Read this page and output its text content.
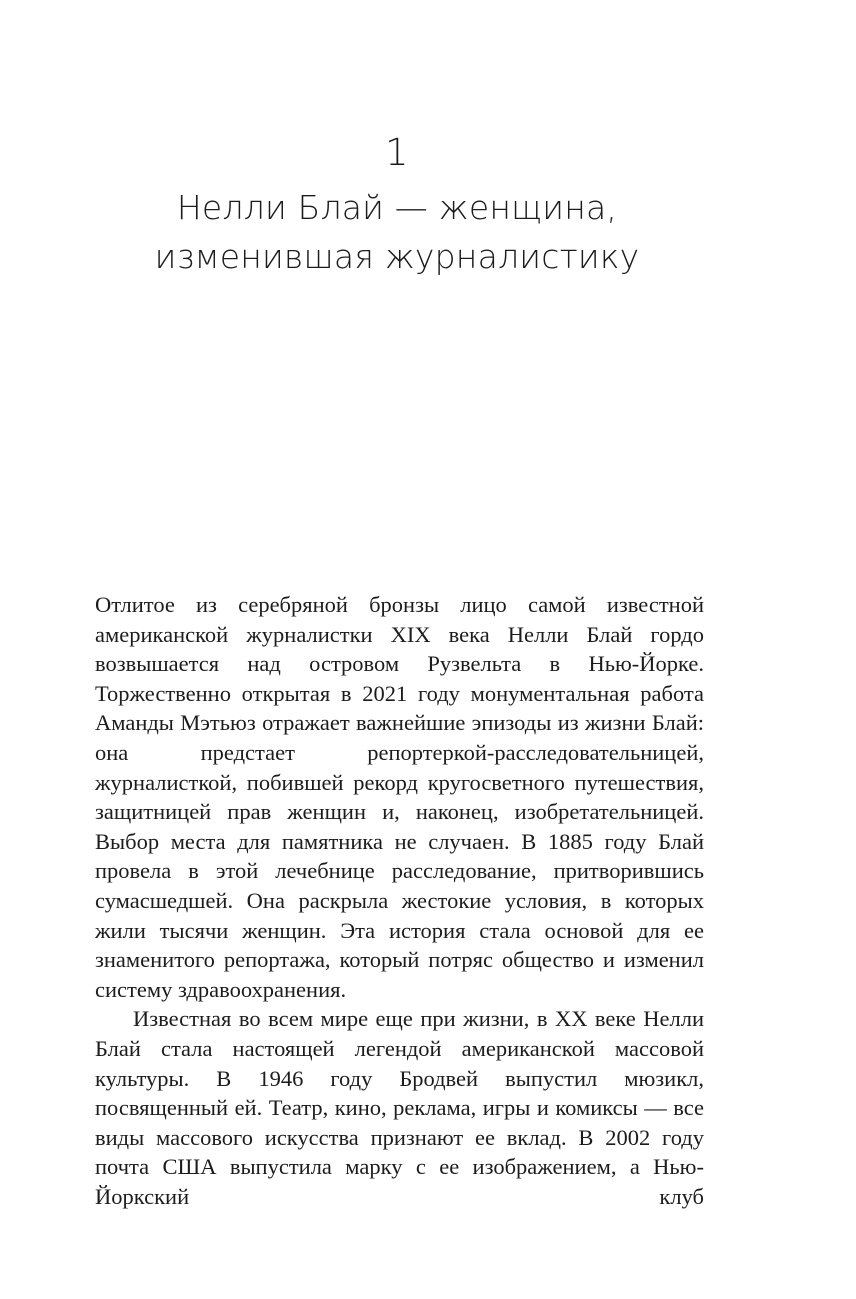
1
Нелли Блай — женщина,
изменившая журналистику

Отлитое из серебряной бронзы лицо самой известной американской журналистки XIX века Нелли Блай гордо возвышается над островом Рузвельта в Нью-Йорке. Торжественно открытая в 2021 году монументальная работа Аманды Мэтьюз отражает важнейшие эпизоды из жизни Блай: она предстает репортеркой-расследовательницей, журналисткой, побившей рекорд кругосветного путешествия, защитницей прав женщин и, наконец, изобретательницей. Выбор места для памятника не случаен. В 1885 году Блай провела в этой лечебнице расследование, притворившись сумасшедшей. Она раскрыла жестокие условия, в которых жили тысячи женщин. Эта история стала основой для ее знаменитого репортажа, который потряс общество и изменил систему здравоохранения.

Известная во всем мире еще при жизни, в XX веке Нелли Блай стала настоящей легендой американской массовой культуры. В 1946 году Бродвей выпустил мюзикл, посвященный ей. Театр, кино, реклама, игры и комиксы — все виды массового искусства признают ее вклад. В 2002 году почта США выпустила марку с ее изображением, а Нью-Йоркский клуб
